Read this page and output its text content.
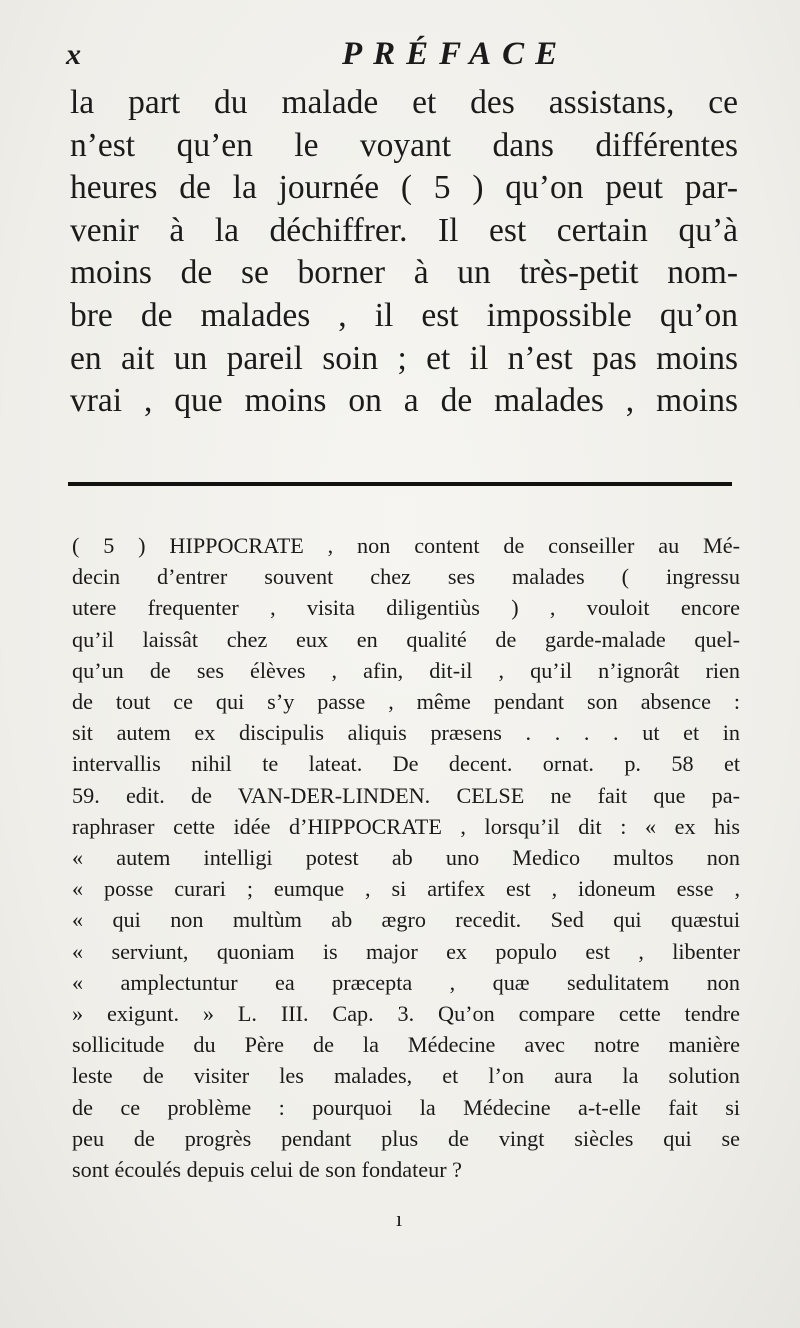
x	PRÉFACE
la part du malade et des assistans, ce
n’est qu’en le voyant dans différentes
heures de la journée ( 5 ) qu’on peut par-
venir à la déchiffrer. Il est certain qu’à
moins de se borner à un très-petit nom-
bre de malades , il est impossible qu’on
en ait un pareil soin ; et il n’est pas moins
vrai , que moins on a de malades , moins
( 5 ) HIPPOCRATE , non content de conseiller au Mé-
decin d’entrer souvent chez ses malades ( ingressu
utere frequenter , visita diligentiùs ) , vouloit encore
qu’il laissât chez eux en qualité de garde-malade quel-
qu’un de ses élèves , afin, dit-il , qu’il n’ignorât rien
de tout ce qui s’y passe , même pendant son absence :
sit autem ex discipulis aliquis præsens . . . . ut et in
intervallis nihil te lateat. De decent. ornat. p. 58 et
59. edit. de VAN-DER-LINDEN. CELSE ne fait que pa-
raphraser cette idée d’HIPPOCRATE , lorsqu’il dit : « ex his
« autem intelligi potest ab uno Medico multos non
« posse curari ; eumque , si artifex est , idoneum esse ,
« qui non multùm ab ægro recedit. Sed qui quæstui
« serviunt, quoniam is major ex populo est , libenter
« amplectuntur ea præcepta , quæ sedulitatem non
» exigunt. » L. III. Cap. 3. Qu’on compare cette tendre
sollicitude du Père de la Médecine avec notre manière
leste de visiter les malades, et l’on aura la solution
de ce problème : pourquoi la Médecine a-t-elle fait si
peu de progrès pendant plus de vingt siècles qui se
sont écoulés depuis celui de son fondateur ?
ı
